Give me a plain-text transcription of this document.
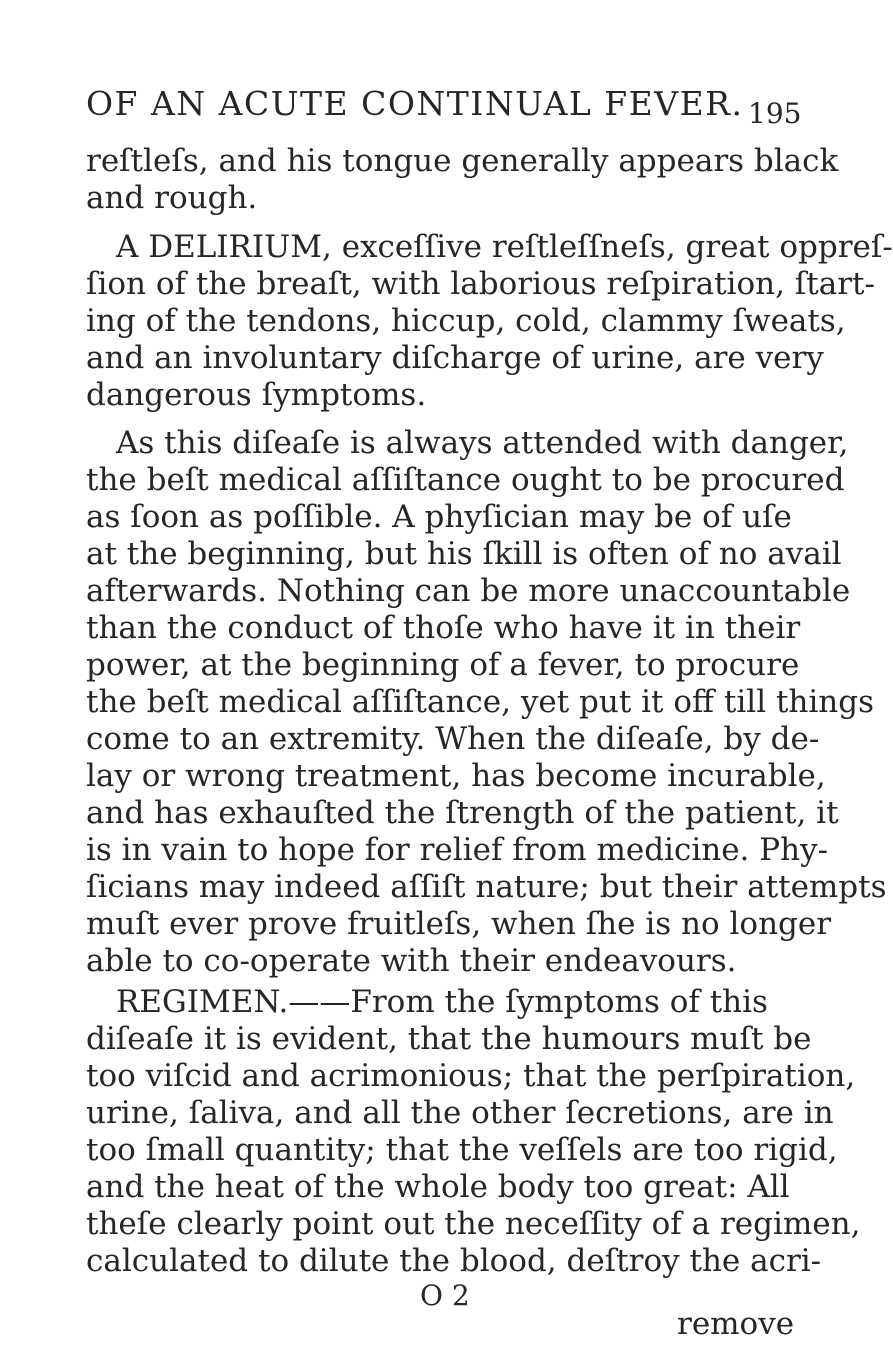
OF AN ACUTE CONTINUAL FEVER. 195
reſtleſs, and his tongue generally appears black
and rough.
A DELIRIUM, exceſſive reſtleſſneſs, great oppreſ-
ſion of the breaſt, with laborious reſpiration, ſtart-
ing of the tendons, hiccup, cold, clammy ſweats,
and an involuntary diſcharge of urine, are very
dangerous ſymptoms.
As this diſeaſe is always attended with danger,
the beſt medical aſſiſtance ought to be procured
as ſoon as poſſible. A phyſician may be of uſe
at the beginning, but his ſkill is often of no avail
afterwards. Nothing can be more unaccountable
than the conduct of thoſe who have it in their
power, at the beginning of a fever, to procure
the beſt medical aſſiſtance, yet put it off till things
come to an extremity. When the diſeaſe, by de-
lay or wrong treatment, has become incurable,
and has exhauſted the ſtrength of the patient, it
is in vain to hope for relief from medicine. Phy-
ſicians may indeed aſſiſt nature; but their attempts
muſt ever prove fruitleſs, when ſhe is no longer
able to co-operate with their endeavours.
REGIMEN.——From the ſymptoms of this
diſeaſe it is evident, that the humours muſt be
too viſcid and acrimonious; that the perſpiration,
urine, ſaliva, and all the other ſecretions, are in
too ſmall quantity; that the veſſels are too rigid,
and the heat of the whole body too great: All
theſe clearly point out the neceſſity of a regimen,
calculated to dilute the blood, deſtroy the acri-
O 2
remove
